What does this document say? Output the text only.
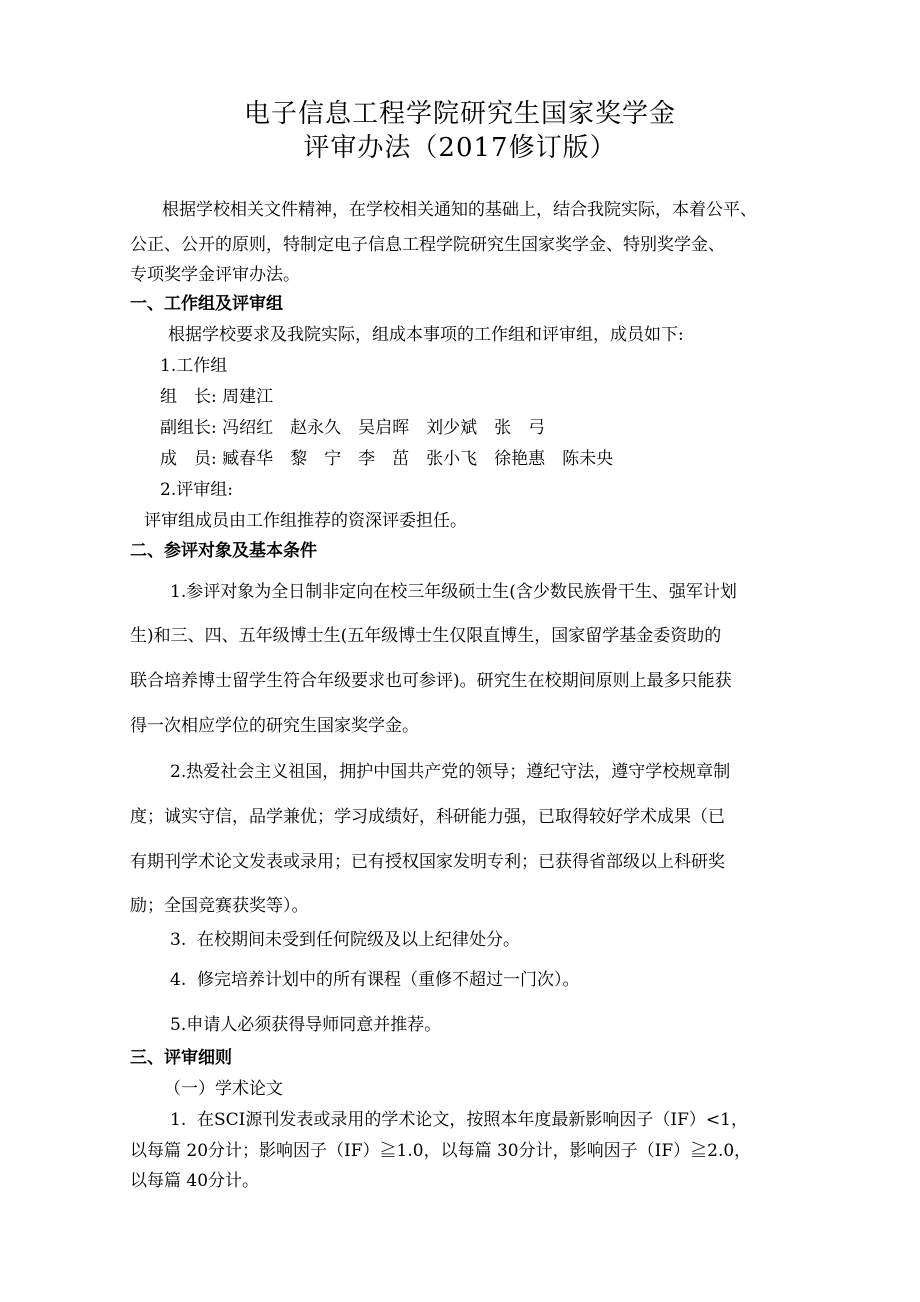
电子信息工程学院研究生国家奖学金
评审办法（2017修订版）
根据学校相关文件精神，在学校相关通知的基础上，结合我院实际，本着公平、
公正、公开的原则，特制定电子信息工程学院研究生国家奖学金、特别奖学金、
专项奖学金评审办法。
一、工作组及评审组
根据学校要求及我院实际，组成本事项的工作组和评审组，成员如下:
1.工作组
组　长: 周建江
副组长: 冯绍红　赵永久　吴启晖　刘少斌　张　弓
成　员: 臧春华　黎　宁　李　茁　张小飞　徐艳惠　陈未央
2.评审组:
评审组成员由工作组推荐的资深评委担任。
二、参评对象及基本条件
1.参评对象为全日制非定向在校三年级硕士生(含少数民族骨干生、强军计划
生)和三、四、五年级博士生(五年级博士生仅限直博生，国家留学基金委资助的
联合培养博士留学生符合年级要求也可参评)。研究生在校期间原则上最多只能获
得一次相应学位的研究生国家奖学金。
2.热爱社会主义祖国，拥护中国共产党的领导；遵纪守法，遵守学校规章制
度；诚实守信，品学兼优；学习成绩好，科研能力强，已取得较好学术成果（已
有期刊学术论文发表或录用；已有授权国家发明专利；已获得省部级以上科研奖
励；全国竞赛获奖等）。
3.  在校期间未受到任何院级及以上纪律处分。
4.  修完培养计划中的所有课程（重修不超过一门次）。
5.申请人必须获得导师同意并推荐。
三、评审细则
（一）学术论文
1.  在SCI源刊发表或录用的学术论文，按照本年度最新影响因子（IF）<1，
以每篇 20分计；影响因子（IF）≧1.0，以每篇 30分计，影响因子（IF）≧2.0，
以每篇 40分计。
